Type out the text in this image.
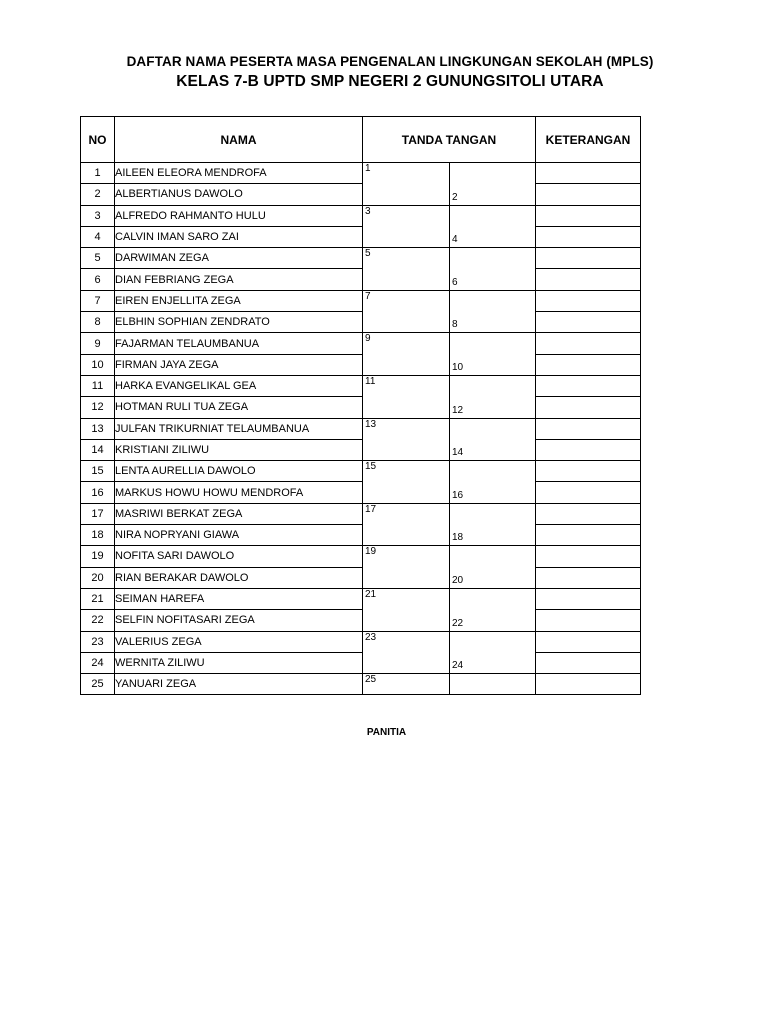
DAFTAR NAMA PESERTA MASA PENGENALAN LINGKUNGAN SEKOLAH (MPLS)
KELAS 7-B UPTD SMP NEGERI 2 GUNUNGSITOLI UTARA
NO	NAMA	TANDA TANGAN		KETERANGAN
1	AILEEN ELEORA MENDROFA	1		

2	ALBERTIANUS DAWOLO		2	

3	ALFREDO RAHMANTO HULU	3		

4	CALVIN IMAN SARO ZAI		4	

5	DARWIMAN ZEGA	5		

6	DIAN FEBRIANG ZEGA		6	

7	EIREN ENJELLITA ZEGA	7		

8	ELBHIN SOPHIAN ZENDRATO		8	

9	FAJARMAN TELAUMBANUA	9		

10	FIRMAN JAYA ZEGA		10	

11	HARKA EVANGELIKAL GEA	11		

12	HOTMAN RULI TUA ZEGA		12	

13	JULFAN TRIKURNIAT TELAUMBANUA	13		

14	KRISTIANI ZILIWU		14	

15	LENTA AURELLIA DAWOLO	15		

16	MARKUS HOWU HOWU MENDROFA		16	

17	MASRIWI BERKAT ZEGA	17		

18	NIRA NOPRYANI GIAWA		18	

19	NOFITA SARI DAWOLO	19		

20	RIAN BERAKAR DAWOLO		20	

21	SEIMAN HAREFA	21		

22	SELFIN NOFITASARI ZEGA		22	

23	VALERIUS ZEGA	23		

24	WERNITA ZILIWU		24	

25	YANUARI ZEGA	25		

PANITIA
